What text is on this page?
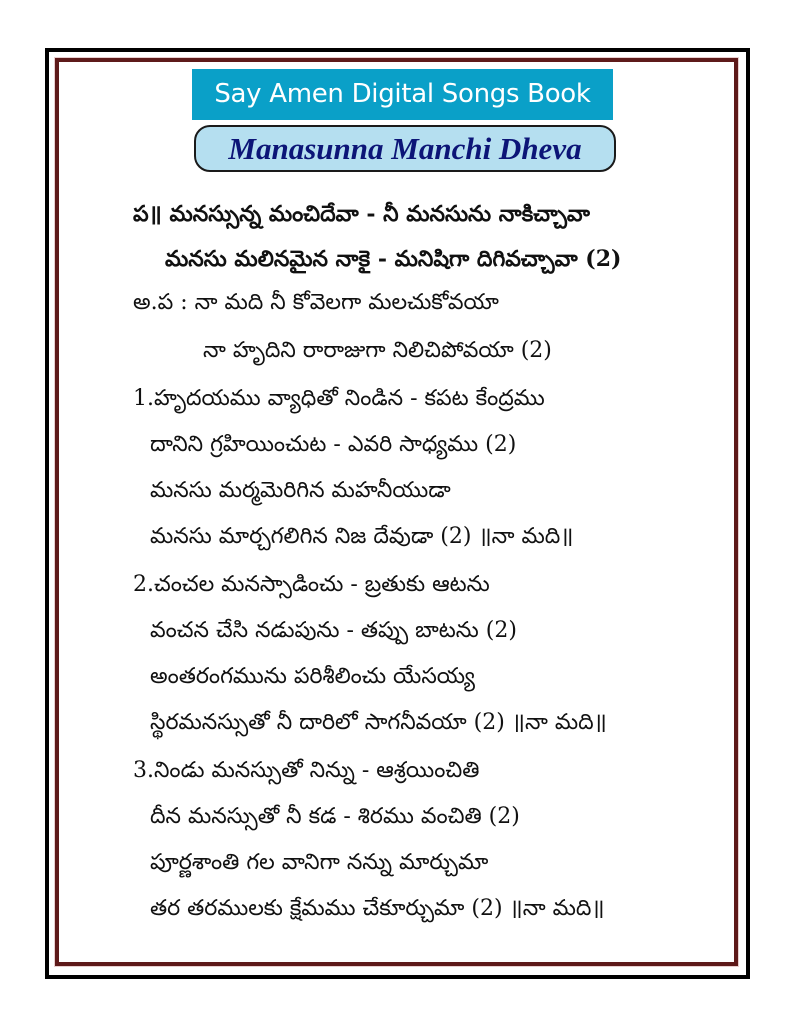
Say Amen Digital Songs Book
Manasunna Manchi Dheva
ప॥ మనస్సున్న మంచిదేవా - నీ మనసును నాకిచ్చావా
మనసు మలినమైన నాకై - మనిషిగా దిగివచ్చావా (2)
అ.ప : నా మది నీ కోవెలగా మలచుకోవయా
నా హృదిని రారాజుగా నిలిచిపోవయా (2)
1.హృదయము వ్యాధితో నిండిన - కపట కేంద్రము
దానిని గ్రహియించుట - ఎవరి సాధ్యము (2)
మనసు మర్మమెరిగిన మహనీయుడా
మనసు మార్చగలిగిన నిజ దేవుడా (2) ॥నా మది॥
2.చంచల మనస్సాడించు - బ్రతుకు ఆటను
వంచన చేసి నడుపును - తప్పు బాటను (2)
అంతరంగమును పరిశీలించు యేసయ్య
స్థిరమనస్సుతో నీ దారిలో సాగనీవయా (2) ॥నా మది॥
3.నిండు మనస్సుతో నిన్ను - ఆశ్రయించితి
దీన మనస్సుతో నీ కడ - శిరము వంచితి (2)
పూర్ణశాంతి గల వానిగా నన్ను మార్చుమా
తర తరములకు క్షేమము చేకూర్చుమా (2) ॥నా మది॥
